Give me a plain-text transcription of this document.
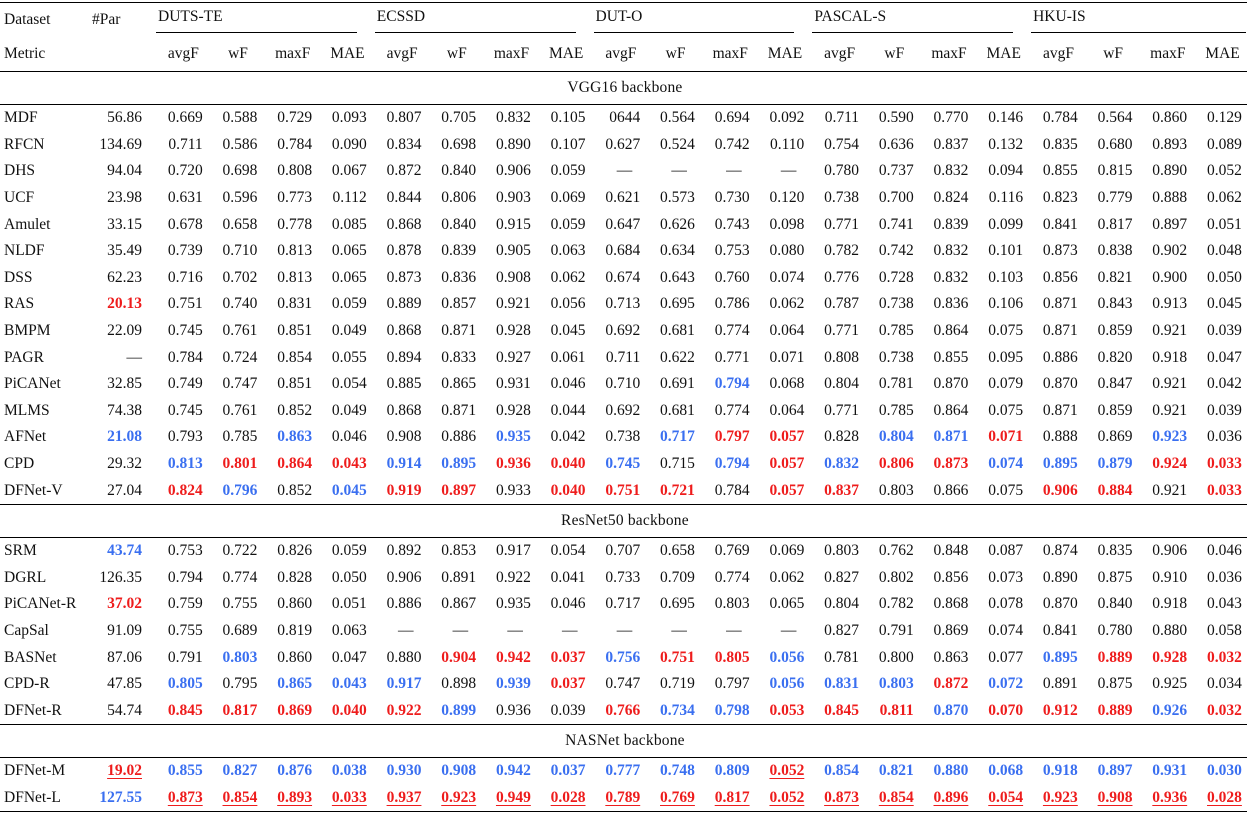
Dataset	#Par	DUTS-TE				ECSSD				DUT-O				PASCAL-S				HKU-IS			

Metric		avgF	wF	maxF	MAE	avgF	wF	maxF	MAE	avgF	wF	maxF	MAE	avgF	wF	maxF	MAE	avgF	wF	maxF	MAE
VGG16 backbone																					
MDF	56.86	0.669	0.588	0.729	0.093	0.807	0.705	0.832	0.105	0644	0.564	0.694	0.092	0.711	0.590	0.770	0.146	0.784	0.564	0.860	0.129
RFCN	134.69	0.711	0.586	0.784	0.090	0.834	0.698	0.890	0.107	0.627	0.524	0.742	0.110	0.754	0.636	0.837	0.132	0.835	0.680	0.893	0.089
DHS	94.04	0.720	0.698	0.808	0.067	0.872	0.840	0.906	0.059	—	—	—	—	0.780	0.737	0.832	0.094	0.855	0.815	0.890	0.052
UCF	23.98	0.631	0.596	0.773	0.112	0.844	0.806	0.903	0.069	0.621	0.573	0.730	0.120	0.738	0.700	0.824	0.116	0.823	0.779	0.888	0.062
Amulet	33.15	0.678	0.658	0.778	0.085	0.868	0.840	0.915	0.059	0.647	0.626	0.743	0.098	0.771	0.741	0.839	0.099	0.841	0.817	0.897	0.051
NLDF	35.49	0.739	0.710	0.813	0.065	0.878	0.839	0.905	0.063	0.684	0.634	0.753	0.080	0.782	0.742	0.832	0.101	0.873	0.838	0.902	0.048
DSS	62.23	0.716	0.702	0.813	0.065	0.873	0.836	0.908	0.062	0.674	0.643	0.760	0.074	0.776	0.728	0.832	0.103	0.856	0.821	0.900	0.050
RAS	20.13	0.751	0.740	0.831	0.059	0.889	0.857	0.921	0.056	0.713	0.695	0.786	0.062	0.787	0.738	0.836	0.106	0.871	0.843	0.913	0.045
BMPM	22.09	0.745	0.761	0.851	0.049	0.868	0.871	0.928	0.045	0.692	0.681	0.774	0.064	0.771	0.785	0.864	0.075	0.871	0.859	0.921	0.039
PAGR	—	0.784	0.724	0.854	0.055	0.894	0.833	0.927	0.061	0.711	0.622	0.771	0.071	0.808	0.738	0.855	0.095	0.886	0.820	0.918	0.047
PiCANet	32.85	0.749	0.747	0.851	0.054	0.885	0.865	0.931	0.046	0.710	0.691	0.794	0.068	0.804	0.781	0.870	0.079	0.870	0.847	0.921	0.042
MLMS	74.38	0.745	0.761	0.852	0.049	0.868	0.871	0.928	0.044	0.692	0.681	0.774	0.064	0.771	0.785	0.864	0.075	0.871	0.859	0.921	0.039
AFNet	21.08	0.793	0.785	0.863	0.046	0.908	0.886	0.935	0.042	0.738	0.717	0.797	0.057	0.828	0.804	0.871	0.071	0.888	0.869	0.923	0.036
CPD	29.32	0.813	0.801	0.864	0.043	0.914	0.895	0.936	0.040	0.745	0.715	0.794	0.057	0.832	0.806	0.873	0.074	0.895	0.879	0.924	0.033
DFNet-V	27.04	0.824	0.796	0.852	0.045	0.919	0.897	0.933	0.040	0.751	0.721	0.784	0.057	0.837	0.803	0.866	0.075	0.906	0.884	0.921	0.033
ResNet50 backbone																					
SRM	43.74	0.753	0.722	0.826	0.059	0.892	0.853	0.917	0.054	0.707	0.658	0.769	0.069	0.803	0.762	0.848	0.087	0.874	0.835	0.906	0.046
DGRL	126.35	0.794	0.774	0.828	0.050	0.906	0.891	0.922	0.041	0.733	0.709	0.774	0.062	0.827	0.802	0.856	0.073	0.890	0.875	0.910	0.036
PiCANet-R	37.02	0.759	0.755	0.860	0.051	0.886	0.867	0.935	0.046	0.717	0.695	0.803	0.065	0.804	0.782	0.868	0.078	0.870	0.840	0.918	0.043
CapSal	91.09	0.755	0.689	0.819	0.063	—	—	—	—	—	—	—	—	0.827	0.791	0.869	0.074	0.841	0.780	0.880	0.058
BASNet	87.06	0.791	0.803	0.860	0.047	0.880	0.904	0.942	0.037	0.756	0.751	0.805	0.056	0.781	0.800	0.863	0.077	0.895	0.889	0.928	0.032
CPD-R	47.85	0.805	0.795	0.865	0.043	0.917	0.898	0.939	0.037	0.747	0.719	0.797	0.056	0.831	0.803	0.872	0.072	0.891	0.875	0.925	0.034
DFNet-R	54.74	0.845	0.817	0.869	0.040	0.922	0.899	0.936	0.039	0.766	0.734	0.798	0.053	0.845	0.811	0.870	0.070	0.912	0.889	0.926	0.032
NASNet backbone																					
DFNet-M	19.02	0.855	0.827	0.876	0.038	0.930	0.908	0.942	0.037	0.777	0.748	0.809	0.052	0.854	0.821	0.880	0.068	0.918	0.897	0.931	0.030
DFNet-L	127.55	0.873	0.854	0.893	0.033	0.937	0.923	0.949	0.028	0.789	0.769	0.817	0.052	0.873	0.854	0.896	0.054	0.923	0.908	0.936	0.028
